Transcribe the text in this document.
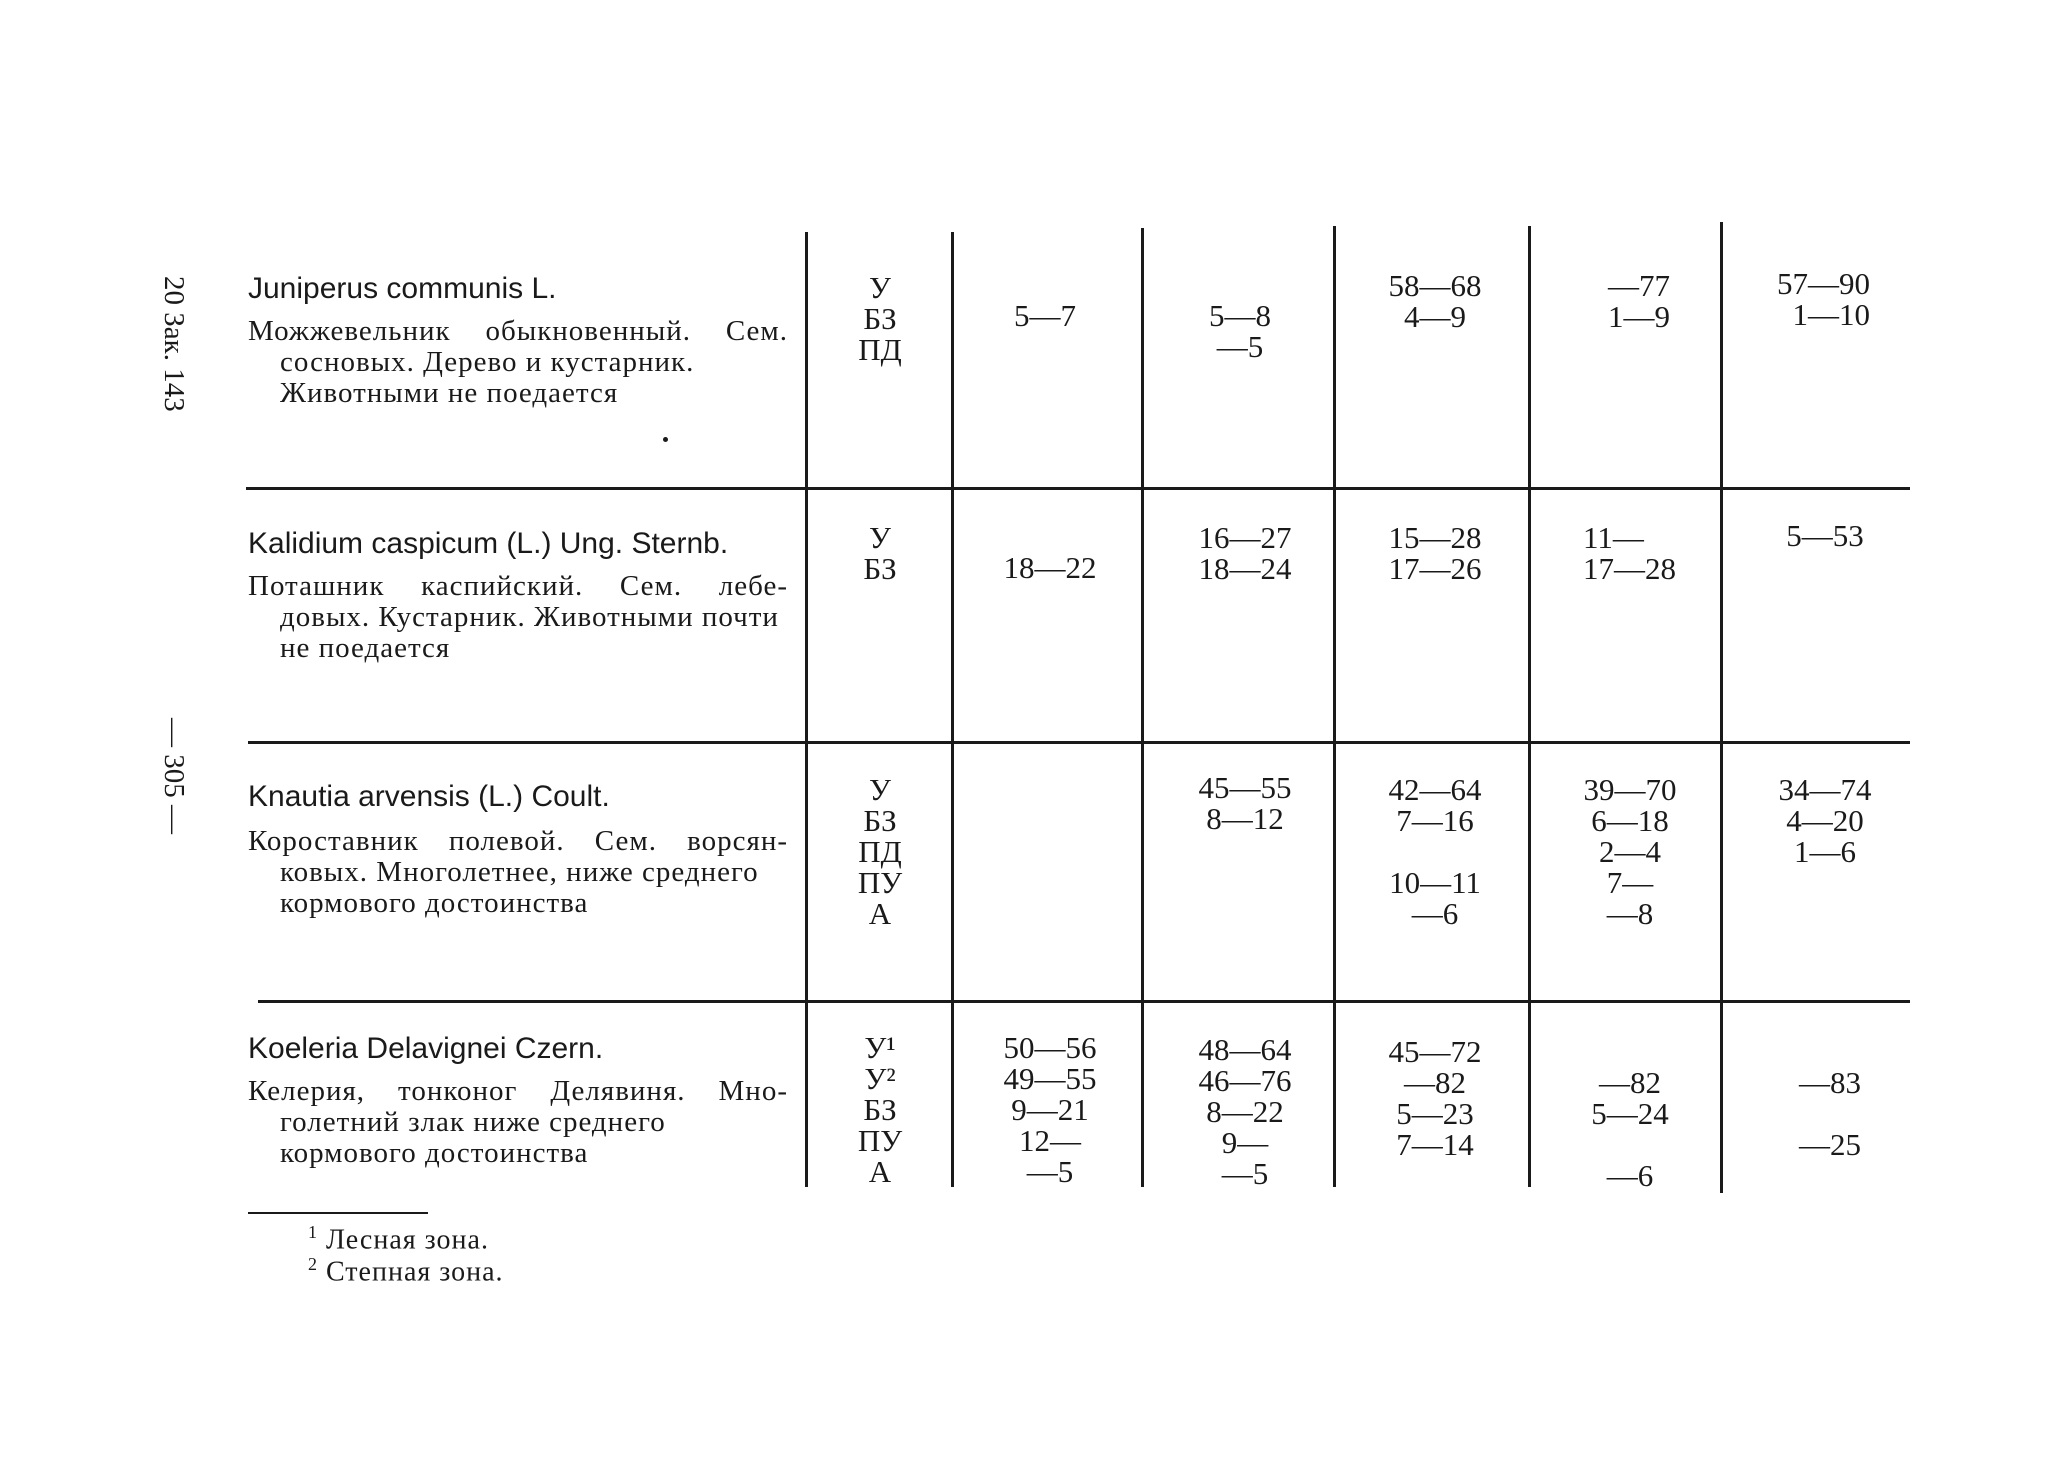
20 Зак. 143
— 305 —
Juniperus communis L.

Можжевельник обыкновенный. Сем.

сосновых. Дерево и кустарник. Животными не поедается

У
БЗ
ПД
5—7	5—8
—5
58—68
4—9
—77
1—9
57—90
1—10
Kalidium caspicum (L.) Ung. Sternb.

Поташник каспийский. Сем. лебе-

довых. Кустарник. Животными почти не поедается

У
БЗ	18—22
16—27
18—24
15—28
17—26
11—
17—28
5—53
Knautia arvensis (L.) Coult.

Короставник полевой. Сем. ворсян-

ковых. Многолетнее, ниже среднего кормового достоинства

У
БЗ
ПД
ПУ
А
45—55
8—12
42—64
7—16

10—11
—6
39—70
6—18
2—4
7—
—8
34—74
4—20
1—6
Koeleria Delavignei Czern.

Келерия, тонконог Делявиня. Мно-

голетний злак ниже среднего кормового достоинства

У¹
У²
БЗ
ПУ
А
50—56
49—55
9—21
12—
—5
48—64
46—76
8—22
9—
—5
45—72
—82
5—23
7—14

—82
5—24

—6

—83

—25
$^1$ Лесная зона.
$^2$ Степная зона.
